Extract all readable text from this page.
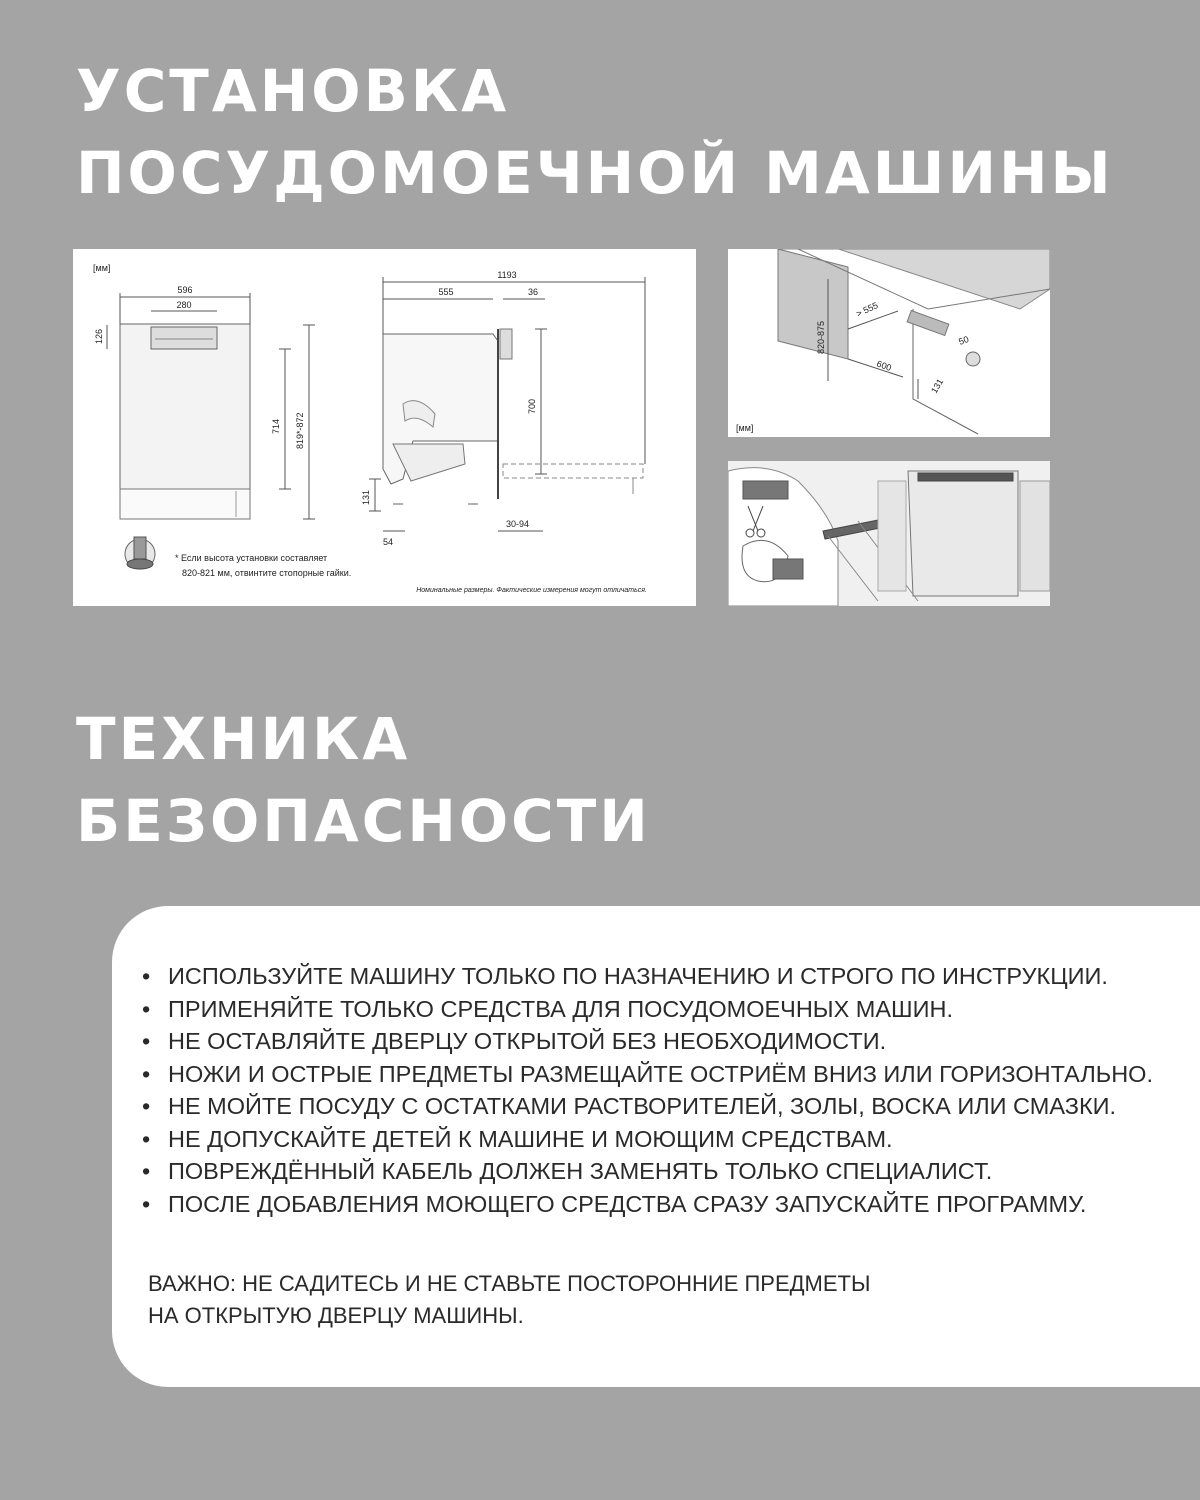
УСТАНОВКА
ПОСУДОМОЕЧНОЙ МАШИНЫ
[мм]
596
280
126
714 819*-872
1193
555	36
700
131
54
30-94
* Если высота установки составляет
820-821 мм, отвинтите стопорные гайки.
Номинальные размеры. Фактические измерения могут отличаться.
[мм]
820-875
> 555
600
50
131
ТЕХНИКА
БЕЗОПАСНОСТИ
• ИСПОЛЬЗУЙТЕ МАШИНУ ТОЛЬКО ПО НАЗНАЧЕНИЮ И СТРОГО ПО ИНСТРУКЦИИ.
• ПРИМЕНЯЙТЕ ТОЛЬКО СРЕДСТВА ДЛЯ ПОСУДОМОЕЧНЫХ МАШИН.
• НЕ ОСТАВЛЯЙТЕ ДВЕРЦУ ОТКРЫТОЙ БЕЗ НЕОБХОДИМОСТИ.
• НОЖИ И ОСТРЫЕ ПРЕДМЕТЫ РАЗМЕЩАЙТЕ ОСТРИЁМ ВНИЗ ИЛИ ГОРИЗОНТАЛЬНО.
• НЕ МОЙТЕ ПОСУДУ С ОСТАТКАМИ РАСТВОРИТЕЛЕЙ, ЗОЛЫ, ВОСКА ИЛИ СМАЗКИ.
• НЕ ДОПУСКАЙТЕ ДЕТЕЙ К МАШИНЕ И МОЮЩИМ СРЕДСТВАМ.
• ПОВРЕЖДЁННЫЙ КАБЕЛЬ ДОЛЖЕН ЗАМЕНЯТЬ ТОЛЬКО СПЕЦИАЛИСТ.
• ПОСЛЕ ДОБАВЛЕНИЯ МОЮЩЕГО СРЕДСТВА СРАЗУ ЗАПУСКАЙТЕ ПРОГРАММУ.
ВАЖНО: НЕ САДИТЕСЬ И НЕ СТАВЬТЕ ПОСТОРОННИЕ ПРЕДМЕТЫ
НА ОТКРЫТУЮ ДВЕРЦУ МАШИНЫ.
